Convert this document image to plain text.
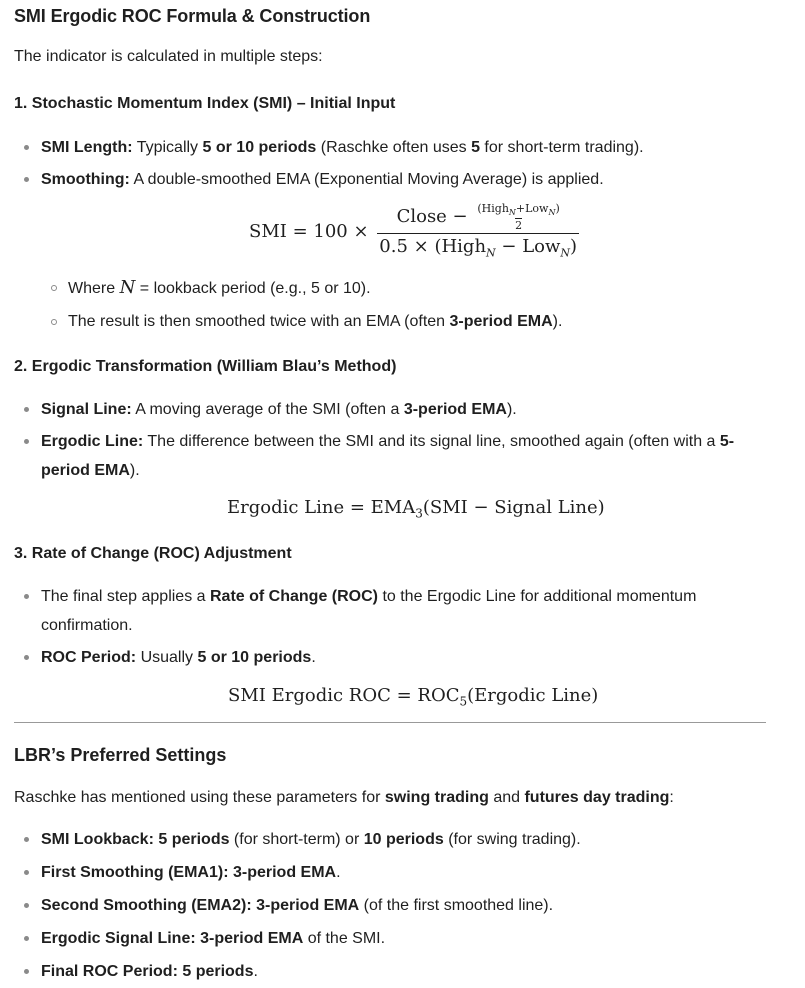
SMI Ergodic ROC Formula & Construction

The indicator is calculated in multiple steps:

1. Stochastic Momentum Index (SMI) – Initial Input
SMI Length: Typically 5 or 10 periods (Raschke often uses 5 for short-term trading).
Smoothing: A double-smoothed EMA (Exponential Moving Average) is applied.
SMI = $100 \times \frac{Close - \frac{(High_N+Low_N)}{2}}{0.5 \times (High_N - Low_N)}$
Where N = lookback period (e.g., 5 or 10).
The result is then smoothed twice with an EMA (often 3-period EMA).
2. Ergodic Transformation (William Blau’s Method)
Signal Line: A moving average of the SMI (often a 3-period EMA).
Ergodic Line: The difference between the SMI and its signal line, smoothed again (often with a 5-period EMA).
Ergodic Line = $EMA_3(SMI$ − Signal Line)
3. Rate of Change (ROC) Adjustment
The final step applies a Rate of Change (ROC) to the Ergodic Line for additional momentum confirmation.
ROC Period: Usually 5 or 10 periods.
SMI Ergodic ROC = $ROC_5(Ergodic$ Line)
LBR’s Preferred Settings

Raschke has mentioned using these parameters for swing trading and futures day trading:

SMI Lookback: 5 periods (for short-term) or 10 periods (for swing trading).
First Smoothing (EMA1): 3-period EMA.
Second Smoothing (EMA2): 3-period EMA (of the first smoothed line).
Ergodic Signal Line: 3-period EMA of the SMI.
Final ROC Period: 5 periods.
